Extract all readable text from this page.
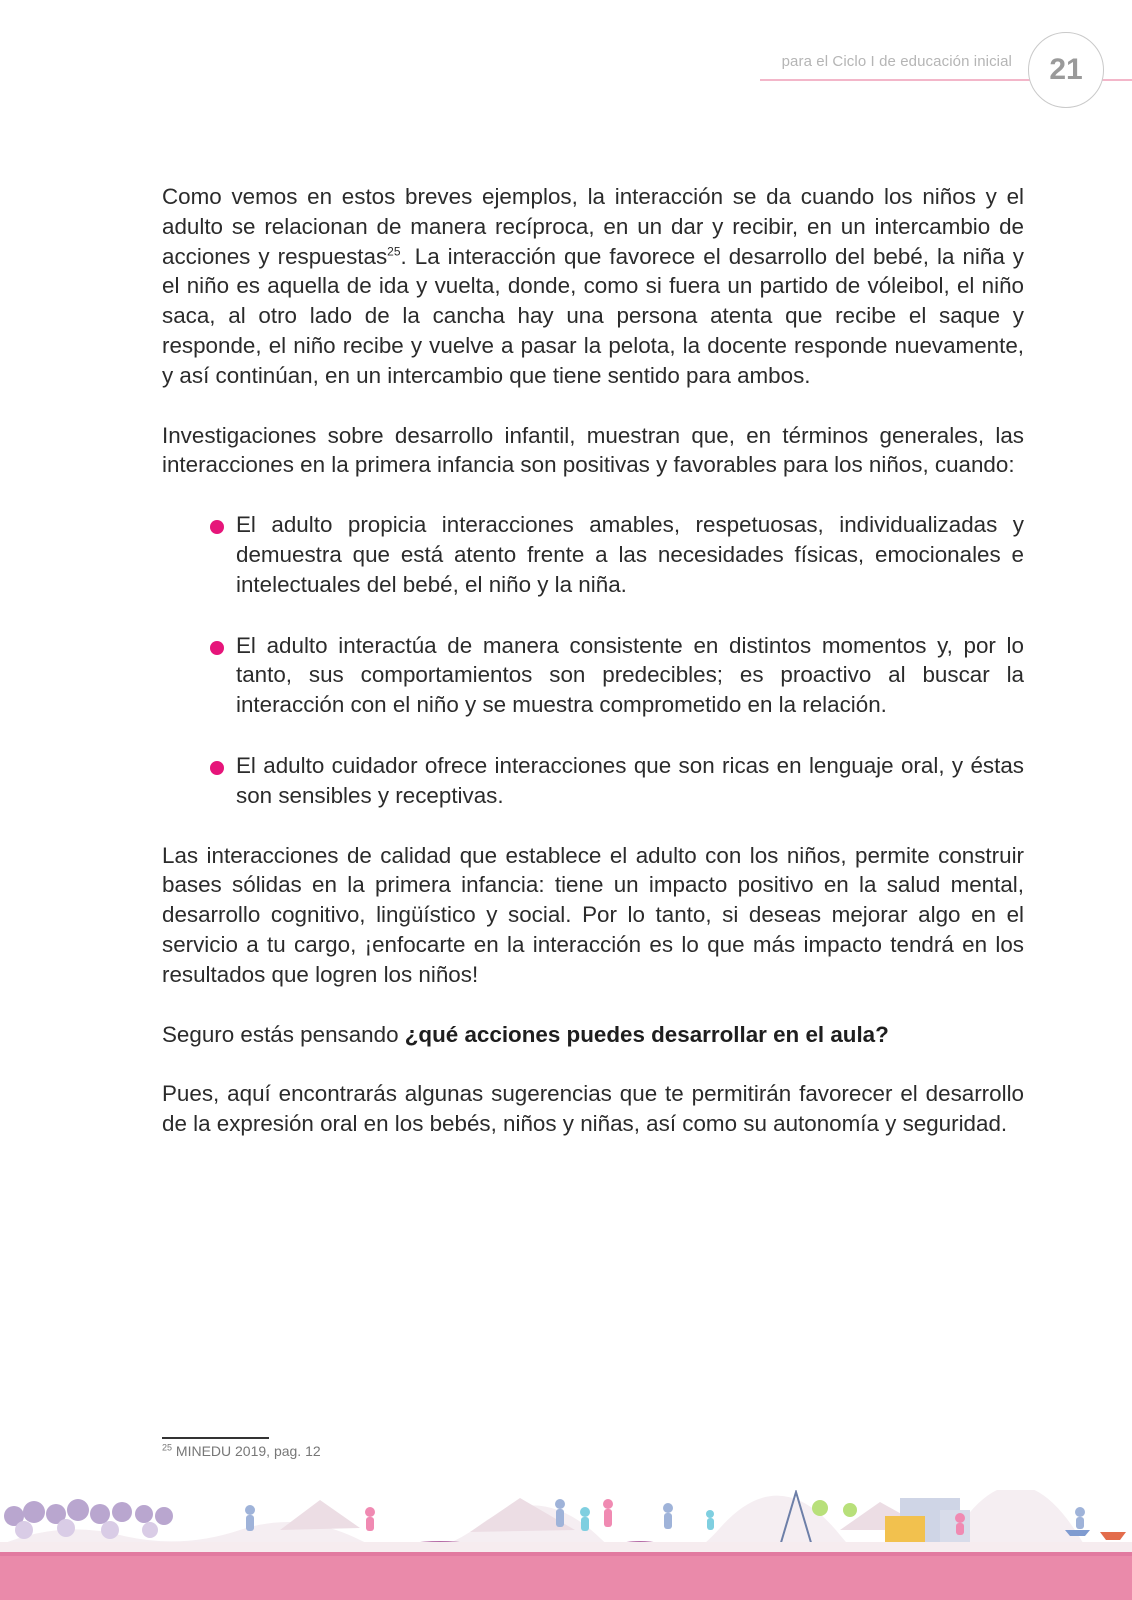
para el Ciclo I de educación inicial	21

Como vemos en estos breves ejemplos, la interacción se da cuando los niños y el adulto se relacionan de manera recíproca, en un dar y recibir, en un intercambio de acciones y respuestas$^{25}$. La interacción que favorece el desarrollo del bebé, la niña y el niño es aquella de ida y vuelta, donde, como si fuera un partido de vóleibol, el niño saca, al otro lado de la cancha hay una persona atenta que recibe el saque y responde, el niño recibe y vuelve a pasar la pelota, la docente responde nuevamente, y así continúan, en un intercambio que tiene sentido para ambos.

Investigaciones sobre desarrollo infantil, muestran que, en términos generales, las interacciones en la primera infancia son positivas y favorables para los niños, cuando:

El adulto propicia interacciones amables, respetuosas, individualizadas y demuestra que está atento frente a las necesidades físicas, emocionales e intelectuales del bebé, el niño y la niña.
El adulto interactúa de manera consistente en distintos momentos y, por lo tanto, sus comportamientos son predecibles; es proactivo al buscar la interacción con el niño y se muestra comprometido en la relación.
El adulto cuidador ofrece interacciones que son ricas en lenguaje oral, y éstas son sensibles y receptivas.

Las interacciones de calidad que establece el adulto con los niños, permite construir bases sólidas en la primera infancia: tiene un impacto positivo en la salud mental, desarrollo cognitivo, lingüístico y social. Por lo tanto, si deseas mejorar algo en el servicio a tu cargo, ¡enfocarte en la interacción es lo que más impacto tendrá en los resultados que logren los niños!

Seguro estás pensando ¿qué acciones puedes desarrollar en el aula?

Pues, aquí encontrarás algunas sugerencias que te permitirán favorecer el desarrollo de la expresión oral en los bebés, niños y niñas, así como su autonomía y seguridad.

$^{25}$ MINEDU 2019, pag. 12
